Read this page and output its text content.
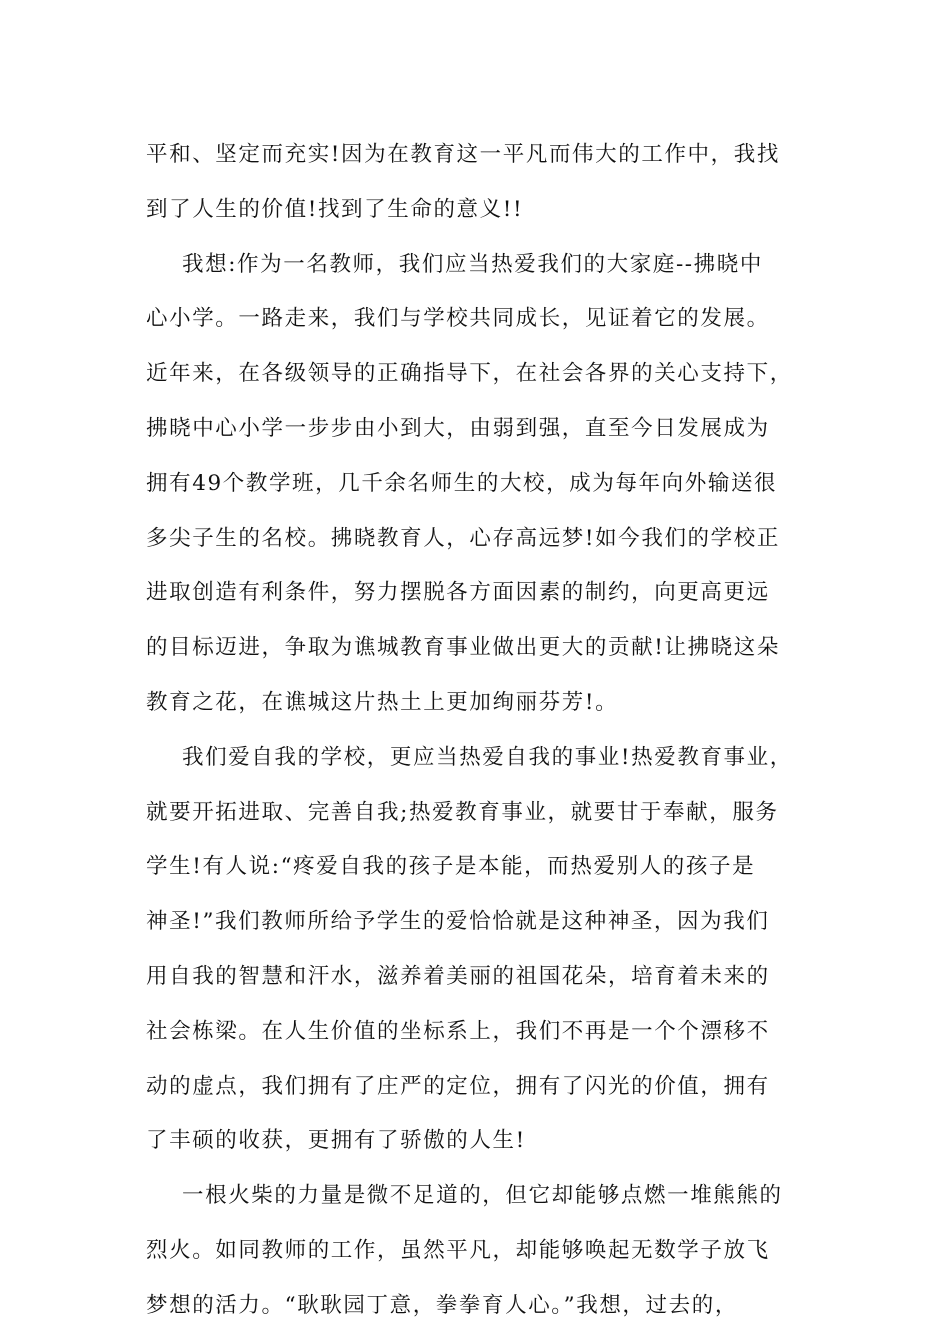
平和、坚定而充实!因为在教育这一平凡而伟大的工作中，我找
到了人生的价值!找到了生命的意义!!
我想:作为一名教师，我们应当热爱我们的大家庭--拂晓中
心小学。一路走来，我们与学校共同成长，见证着它的发展。
近年来，在各级领导的正确指导下，在社会各界的关心支持下，
拂晓中心小学一步步由小到大，由弱到强，直至今日发展成为
拥有49个教学班，几千余名师生的大校，成为每年向外输送很
多尖子生的名校。拂晓教育人，心存高远梦!如今我们的学校正
进取创造有利条件，努力摆脱各方面因素的制约，向更高更远
的目标迈进，争取为谯城教育事业做出更大的贡献!让拂晓这朵
教育之花，在谯城这片热土上更加绚丽芬芳!。
我们爱自我的学校，更应当热爱自我的事业!热爱教育事业，
就要开拓进取、完善自我;热爱教育事业，就要甘于奉献，服务
学生!有人说:“疼爱自我的孩子是本能，而热爱别人的孩子是
神圣!”我们教师所给予学生的爱恰恰就是这种神圣，因为我们
用自我的智慧和汗水，滋养着美丽的祖国花朵，培育着未来的
社会栋梁。在人生价值的坐标系上，我们不再是一个个漂移不
动的虚点，我们拥有了庄严的定位，拥有了闪光的价值，拥有
了丰硕的收获，更拥有了骄傲的人生!
一根火柴的力量是微不足道的，但它却能够点燃一堆熊熊的
烈火。如同教师的工作，虽然平凡，却能够唤起无数学子放飞
梦想的活力。“耿耿园丁意，拳拳育人心。”我想，过去的，
